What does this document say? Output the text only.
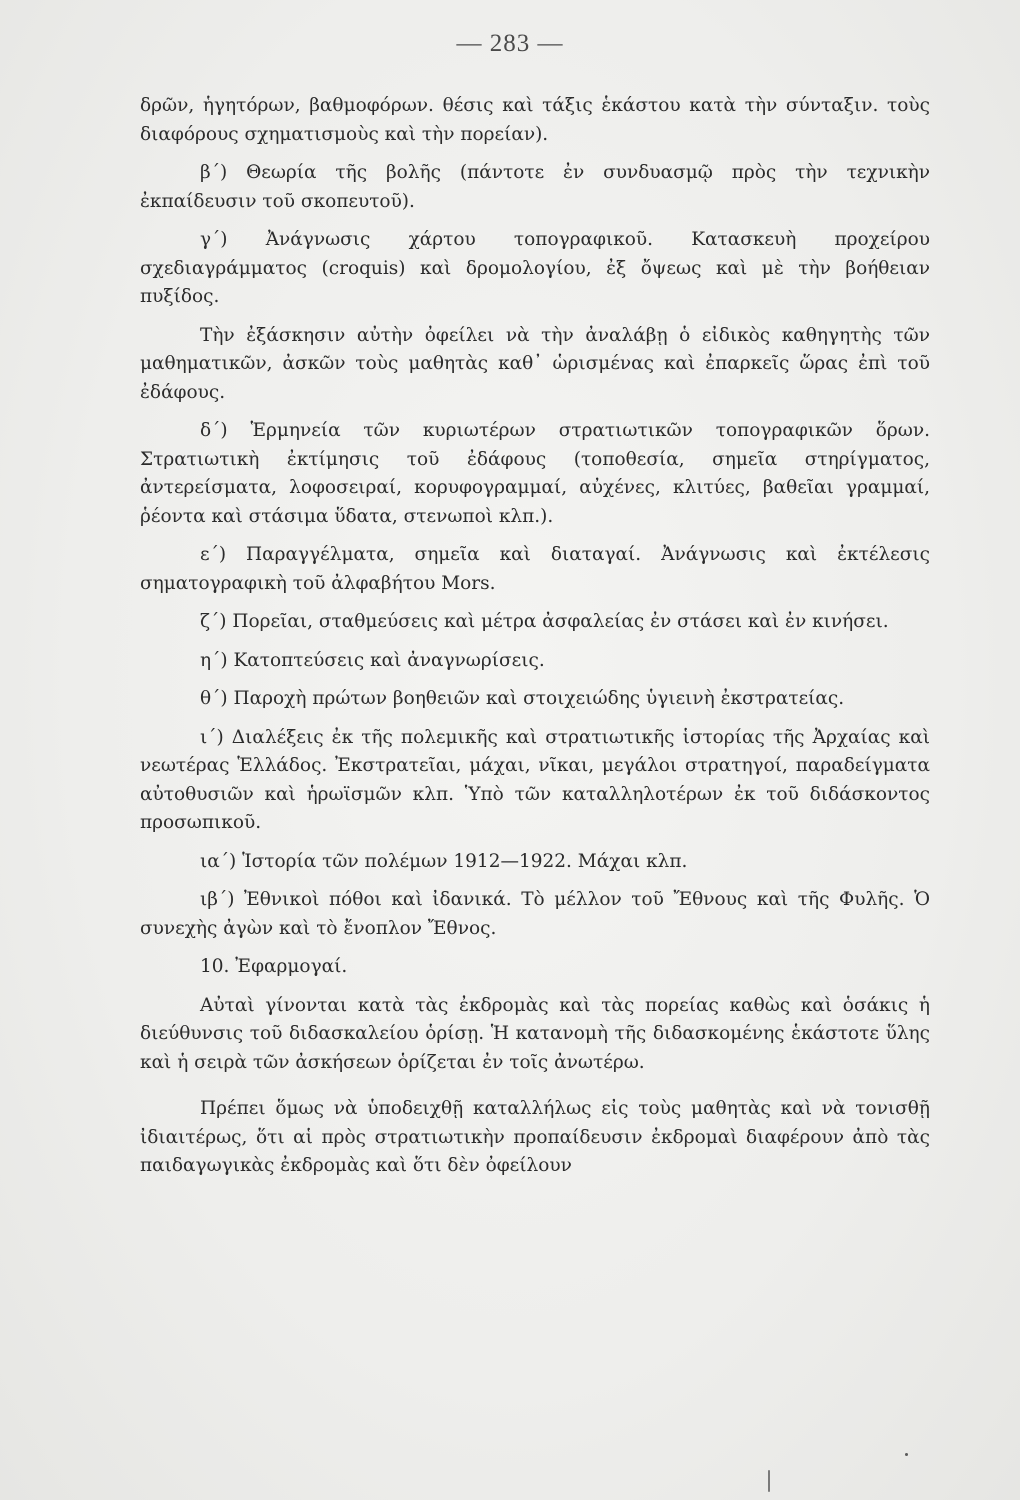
— 283 —

δρῶν, ἡγητόρων, βαθμοφόρων. θέσις καὶ τάξις ἑκάστου κατὰ τὴν σύνταξιν. τοὺς διαφόρους σχηματισμοὺς καὶ τὴν πορείαν).

β΄) Θεωρία τῆς βολῆς (πάντοτε ἐν συνδυασμῷ πρὸς τὴν τεχνικὴν ἐκπαίδευσιν τοῦ σκοπευτοῦ).

γ΄) Ἀνάγνωσις χάρτου τοπογραφικοῦ. Κατασκευὴ προχείρου σχεδιαγράμματος (croquis) καὶ δρομολογίου, ἐξ ὄψεως καὶ μὲ τὴν βοήθειαν πυξίδος.

Τὴν ἐξάσκησιν αὐτὴν ὀφείλει νὰ τὴν ἀναλάβῃ ὁ εἰδικὸς καθηγητὴς τῶν μαθηματικῶν, ἀσκῶν τοὺς μαθητὰς καθ᾽ ὡρισμένας καὶ ἐπαρκεῖς ὥρας ἐπὶ τοῦ ἐδάφους.

δ΄) Ἑρμηνεία τῶν κυριωτέρων στρατιωτικῶν τοπογραφικῶν ὅρων. Στρατιωτικὴ ἐκτίμησις τοῦ ἐδάφους (τοποθεσία, σημεῖα στηρίγματος, ἀντερείσματα, λοφοσειραί, κορυφογραμμαί, αὐχένες, κλιτύες, βαθεῖαι γραμμαί, ῥέοντα καὶ στάσιμα ὕδατα, στενωποὶ κλπ.).

ε΄) Παραγγέλματα, σημεῖα καὶ διαταγαί. Ἀνάγνωσις καὶ ἐκτέλεσις σηματογραφικὴ τοῦ ἀλφαβήτου Mors.

ζ΄) Πορεῖαι, σταθμεύσεις καὶ μέτρα ἀσφαλείας ἐν στάσει καὶ ἐν κινήσει.

η΄) Κατοπτεύσεις καὶ ἀναγνωρίσεις.

θ΄) Παροχὴ πρώτων βοηθειῶν καὶ στοιχειώδης ὑγιεινὴ ἐκστρατείας.

ι΄) Διαλέξεις ἐκ τῆς πολεμικῆς καὶ στρατιωτικῆς ἱστορίας τῆς Ἀρχαίας καὶ νεωτέρας Ἑλλάδος. Ἐκστρατεῖαι, μάχαι, νῖκαι, μεγάλοι στρατηγοί, παραδείγματα αὐτοθυσιῶν καὶ ἡρωϊσμῶν κλπ. Ὑπὸ τῶν καταλληλοτέρων ἐκ τοῦ διδάσκοντος προσωπικοῦ.

ια΄) Ἱστορία τῶν πολέμων 1912—1922. Μάχαι κλπ.

ιβ΄) Ἐθνικοὶ πόθοι καὶ ἰδανικά. Τὸ μέλλον τοῦ Ἔθνους καὶ τῆς Φυλῆς. Ὁ συνεχὴς ἀγὼν καὶ τὸ ἔνοπλον Ἔθνος.

10. Ἐφαρμογαί.

Αὐταὶ γίνονται κατὰ τὰς ἐκδρομὰς καὶ τὰς πορείας καθὼς καὶ ὁσάκις ἡ διεύθυνσις τοῦ διδασκαλείου ὁρίσῃ. Ἡ κατανομὴ τῆς διδασκομένης ἑκάστοτε ὕλης καὶ ἡ σειρὰ τῶν ἀσκήσεων ὁρίζεται ἐν τοῖς ἀνωτέρω.

Πρέπει ὅμως νὰ ὑποδειχθῇ καταλλήλως εἰς τοὺς μαθητὰς καὶ νὰ τονισθῇ ἰδιαιτέρως, ὅτι αἱ πρὸς στρατιωτικὴν προπαίδευσιν ἐκδρομαὶ διαφέρουν ἀπὸ τὰς παιδαγωγικὰς ἐκδρομὰς καὶ ὅτι δὲν ὀφείλουν
